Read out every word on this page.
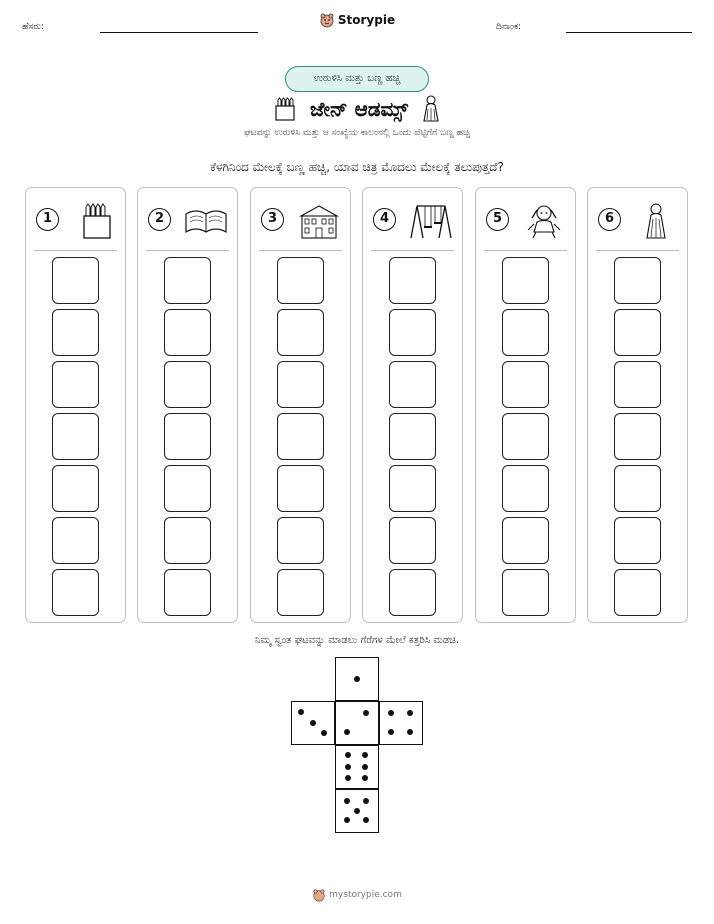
ಹೆಸರು:	Storypie	ದಿನಾಂಕ:
ಉರುಳಿಸಿ ಮತ್ತು ಬಣ್ಣ ಹಚ್ಚಿ
ಜೇನ್ ಆಡಮ್ಸ್
ಘಟವನ್ನು ಉರುಳಿಸಿ ಮತ್ತು ಆ ಸಂಖ್ಯೆಯ ಕಾಲಂನಲ್ಲಿ ಒಂದು ಪೆಟ್ಟಿಗೆಗೆ ಬಣ್ಣ ಹಚ್ಚಿ
ಕೆಳಗಿನಿಂದ ಮೇಲಕ್ಕೆ ಬಣ್ಣ ಹಚ್ಚಿ, ಯಾವ ಚಿತ್ರ ಮೊದಲು ಮೇಲಕ್ಕೆ ತಲುಪುತ್ತದೆ?
1	2	3	4	5	6
ನಿಮ್ಮ ಸ್ವಂತ ಘಟವನ್ನು ಮಾಡಲು ಗೆರೆಗಳ ಮೇಲೆ ಕತ್ತರಿಸಿ ಮಡಚಿ.
mystorypie.com
